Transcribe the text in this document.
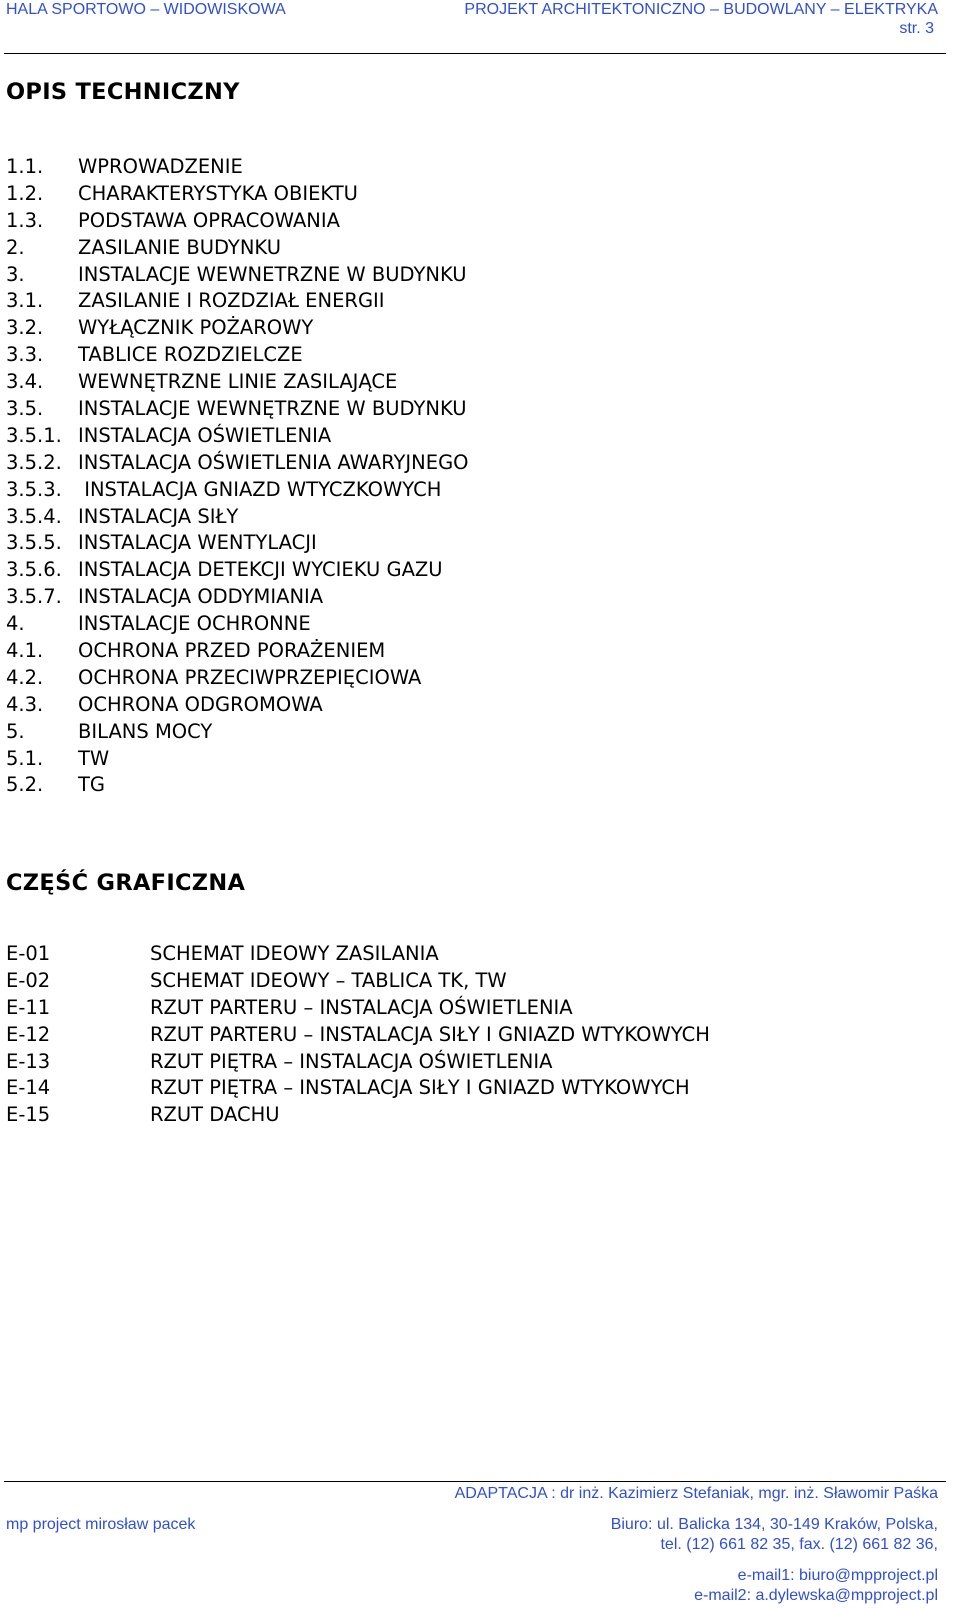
HALA SPORTOWO – WIDOWISKOWA	PROJEKT ARCHITEKTONICZNO – BUDOWLANY – ELEKTRYKA
str. 3
OPIS TECHNICZNY
1.1. WPROWADZENIE
1.2. CHARAKTERYSTYKA OBIEKTU
1.3. PODSTAWA OPRACOWANIA
2.	ZASILANIE BUDYNKU
3.	INSTALACJE WEWNETRZNE W BUDYNKU
3.1. ZASILANIE I ROZDZIAŁ ENERGII
3.2. WYŁĄCZNIK POŻAROWY
3.3. TABLICE ROZDZIELCZE
3.4. WEWNĘTRZNE LINIE ZASILAJĄCE
3.5. INSTALACJE WEWNĘTRZNE W BUDYNKU
3.5.1. INSTALACJA OŚWIETLENIA
3.5.2. INSTALACJA OŚWIETLENIA AWARYJNEGO
3.5.3. INSTALACJA GNIAZD WTYCZKOWYCH
3.5.4. INSTALACJA SIŁY
3.5.5. INSTALACJA WENTYLACJI
3.5.6. INSTALACJA DETEKCJI WYCIEKU GAZU
3.5.7. INSTALACJA ODDYMIANIA
4.	INSTALACJE OCHRONNE
4.1. OCHRONA PRZED PORAŻENIEM
4.2. OCHRONA PRZECIWPRZEPIĘCIOWA
4.3. OCHRONA ODGROMOWA
5.	BILANS MOCY
5.1. TW
5.2. TG
CZĘŚĆ GRAFICZNA
E-01	SCHEMAT IDEOWY ZASILANIA
E-02	SCHEMAT IDEOWY – TABLICA TK, TW
E-11	RZUT PARTERU – INSTALACJA OŚWIETLENIA
E-12	RZUT PARTERU – INSTALACJA SIŁY I GNIAZD WTYKOWYCH
E-13	RZUT PIĘTRA – INSTALACJA OŚWIETLENIA
E-14	RZUT PIĘTRA – INSTALACJA SIŁY I GNIAZD WTYKOWYCH
E-15	RZUT DACHU
ADAPTACJA : dr inż. Kazimierz Stefaniak, mgr. inż. Sławomir Paśka
mp project mirosław pacek	Biuro: ul. Balicka 134, 30-149 Kraków, Polska,
tel. (12) 661 82 35, fax. (12) 661 82 36,
e-mail1: biuro@mpproject.pl
e-mail2: a.dylewska@mpproject.pl
